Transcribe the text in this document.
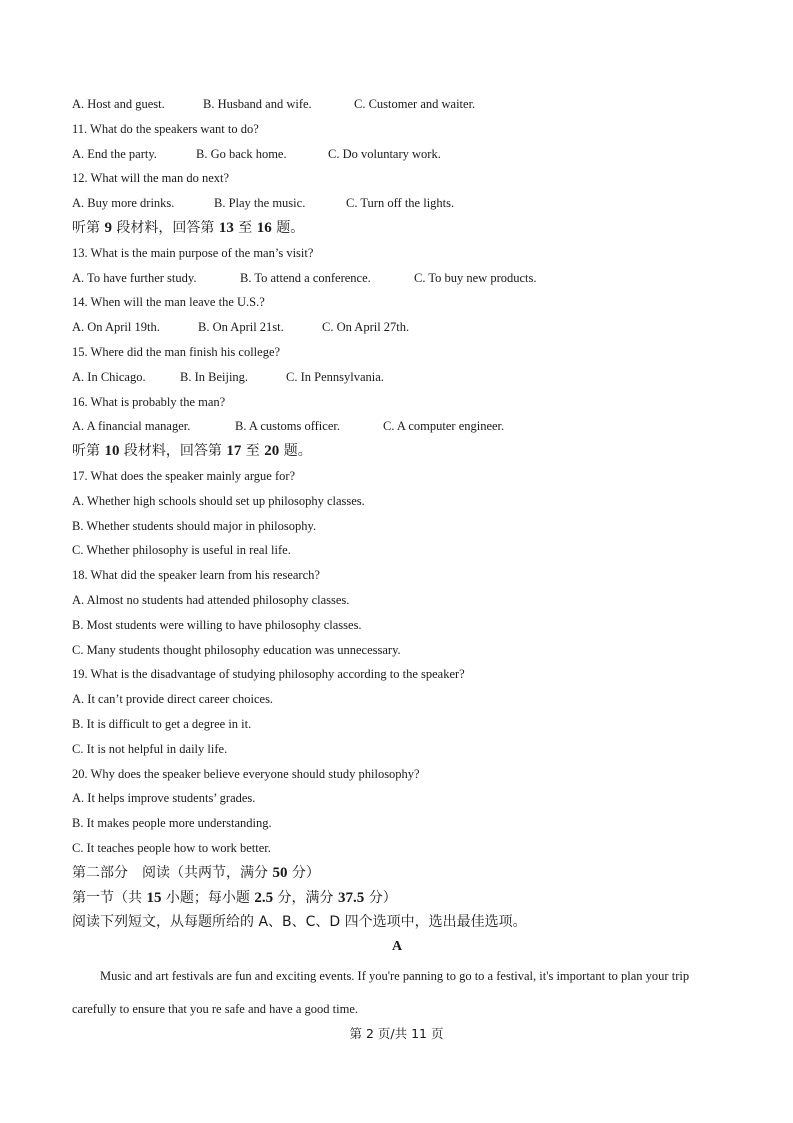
A. Host and guest.	B. Husband and wife.	C. Customer and waiter.
11. What do the speakers want to do?
A. End the party.	B. Go back home.	C. Do voluntary work.
12. What will the man do next?
A. Buy more drinks.	B. Play the music.	C. Turn off the lights.
听第 9 段材料，回答第 13 至 16 题。
13. What is the main purpose of the man’s visit?
A. To have further study.	B. To attend a conference.	C. To buy new products.
14. When will the man leave the U.S.?
A. On April 19th.	B. On April 21st.	C. On April 27th.
15. Where did the man finish his college?
A. In Chicago.	B. In Beijing.	C. In Pennsylvania.
16. What is probably the man?
A. A financial manager.	B. A customs officer.	C. A computer engineer.
听第 10 段材料，回答第 17 至 20 题。
17. What does the speaker mainly argue for?
A. Whether high schools should set up philosophy classes.
B. Whether students should major in philosophy.
C. Whether philosophy is useful in real life.
18. What did the speaker learn from his research?
A. Almost no students had attended philosophy classes.
B. Most students were willing to have philosophy classes.
C. Many students thought philosophy education was unnecessary.
19. What is the disadvantage of studying philosophy according to the speaker?
A. It can’t provide direct career choices.
B. It is difficult to get a degree in it.
C. It is not helpful in daily life.
20. Why does the speaker believe everyone should study philosophy?
A. It helps improve students’ grades.
B. It makes people more understanding.
C. It teaches people how to work better.
第二部分　阅读（共两节，满分 50 分）
第一节（共 15 小题；每小题 2.5 分，满分 37.5 分）
阅读下列短文，从每题所给的 A、B、C、D 四个选项中，选出最佳选项。
A
Music and art festivals are fun and exciting events. If you're panning to go to a festival, it's important to plan your trip carefully to ensure that you re safe and have a good time.
第 2 页/共 11 页
